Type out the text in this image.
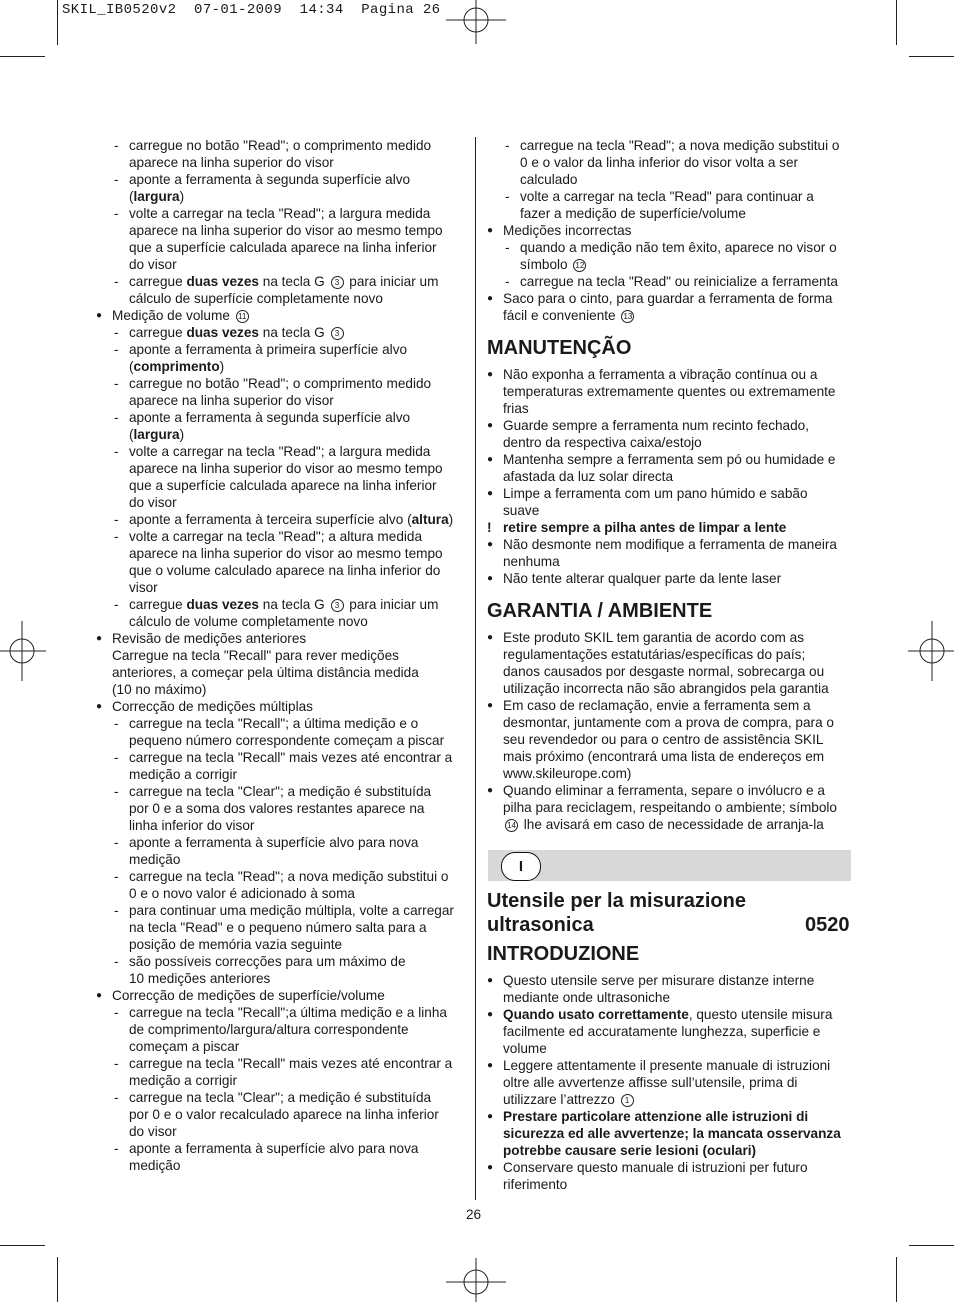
SKIL_IB0520v2  07-01-2009  14:34  Pagina 26
- carregue no botão "Read"; o comprimento medido
aparece na linha superior do visor
- aponte a ferramenta à segunda superfície alvo
(largura)
- volte a carregar na tecla "Read"; a largura medida
aparece na linha superior do visor ao mesmo tempo
que a superfície calculada aparece na linha inferior
do visor
- carregue duas vezes na tecla G 3 para iniciar um
cálculo de superfície completamente novo
● Medição de volume 11
- carregue duas vezes na tecla G 3
- aponte a ferramenta à primeira superfície alvo
(comprimento)
- carregue no botão "Read"; o comprimento medido
aparece na linha superior do visor
- aponte a ferramenta à segunda superfície alvo
(largura)
- volte a carregar na tecla "Read"; a largura medida
aparece na linha superior do visor ao mesmo tempo
que a superfície calculada aparece na linha inferior
do visor
- aponte a ferramenta à terceira superfície alvo (altura)
- volte a carregar na tecla "Read"; a altura medida
aparece na linha superior do visor ao mesmo tempo
que o volume calculado aparece na linha inferior do
visor
- carregue duas vezes na tecla G 3 para iniciar um
cálculo de volume completamente novo
● Revisão de medições anteriores
Carregue na tecla "Recall" para rever medições
anteriores, a começar pela última distância medida
(10 no máximo)
● Correcção de medições múltiplas
- carregue na tecla "Recall"; a última medição e o
pequeno número correspondente começam a piscar
- carregue na tecla "Recall" mais vezes até encontrar a
medição a corrigir
- carregue na tecla "Clear"; a medição é substituída
por 0 e a soma dos valores restantes aparece na
linha inferior do visor
- aponte a ferramenta à superfície alvo para nova
medição
- carregue na tecla "Read"; a nova medição substitui o
0 e o novo valor é adicionado à soma
- para continuar uma medição múltipla, volte a carregar
na tecla "Read" e o pequeno número salta para a
posição de memória vazia seguinte
- são possíveis correcções para um máximo de
10 medições anteriores
● Correcção de medições de superfície/volume
- carregue na tecla "Recall";a última medição e a linha
de comprimento/largura/altura correspondente
começam a piscar
- carregue na tecla "Recall" mais vezes até encontrar a
medição a corrigir
- carregue na tecla "Clear"; a medição é substituída
por 0 e o valor recalculado aparece na linha inferior
do visor
- aponte a ferramenta à superfície alvo para nova
medição
- carregue na tecla "Read"; a nova medição substitui o
0 e o valor da linha inferior do visor volta a ser
calculado
- volte a carregar na tecla "Read" para continuar a
fazer a medição de superfície/volume
● Medições incorrectas
- quando a medição não tem êxito, aparece no visor o
símbolo 12
- carregue na tecla "Read" ou reinicialize a ferramenta
● Saco para o cinto, para guardar a ferramenta de forma
fácil e conveniente 13
MANUTENÇÃO
● Não exponha a ferramenta a vibração contínua ou a
temperaturas extremamente quentes ou extremamente
frias
● Guarde sempre a ferramenta num recinto fechado,
dentro da respectiva caixa/estojo
● Mantenha sempre a ferramenta sem pó ou humidade e
afastada da luz solar directa
● Limpe a ferramenta com um pano húmido e sabão
suave
! retire sempre a pilha antes de limpar a lente
● Não desmonte nem modifique a ferramenta de maneira
nenhuma
● Não tente alterar qualquer parte da lente laser
GARANTIA / AMBIENTE
● Este produto SKIL tem garantia de acordo com as
regulamentações estatutárias/específicas do país;
danos causados por desgaste normal, sobrecarga ou
utilização incorrecta não são abrangidos pela garantia
● Em caso de reclamação, envie a ferramenta sem a
desmontar, juntamente com a prova de compra, para o
seu revendedor ou para o centro de assistência SKIL
mais próximo (encontrará uma lista de endereços em
www.skileurope.com)
● Quando eliminar a ferramenta, separe o invólucro e a
pilha para reciclagem, respeitando o ambiente; símbolo
14 lhe avisará em caso de necessidade de arranja-la
I
Utensile per la misurazione
ultrasonica	0520
INTRODUZIONE
● Questo utensile serve per misurare distanze interne
mediante onde ultrasoniche
● Quando usato correttamente, questo utensile misura
facilmente ed accuratamente lunghezza, superficie e
volume
● Leggere attentamente il presente manuale di istruzioni
oltre alle avvertenze affisse sull’utensile, prima di
utilizzare l’attrezzo 1
● Prestare particolare attenzione alle istruzioni di
sicurezza ed alle avvertenze; la mancata osservanza
potrebbe causare serie lesioni (oculari)
● Conservare questo manuale di istruzioni per futuro
riferimento
26
